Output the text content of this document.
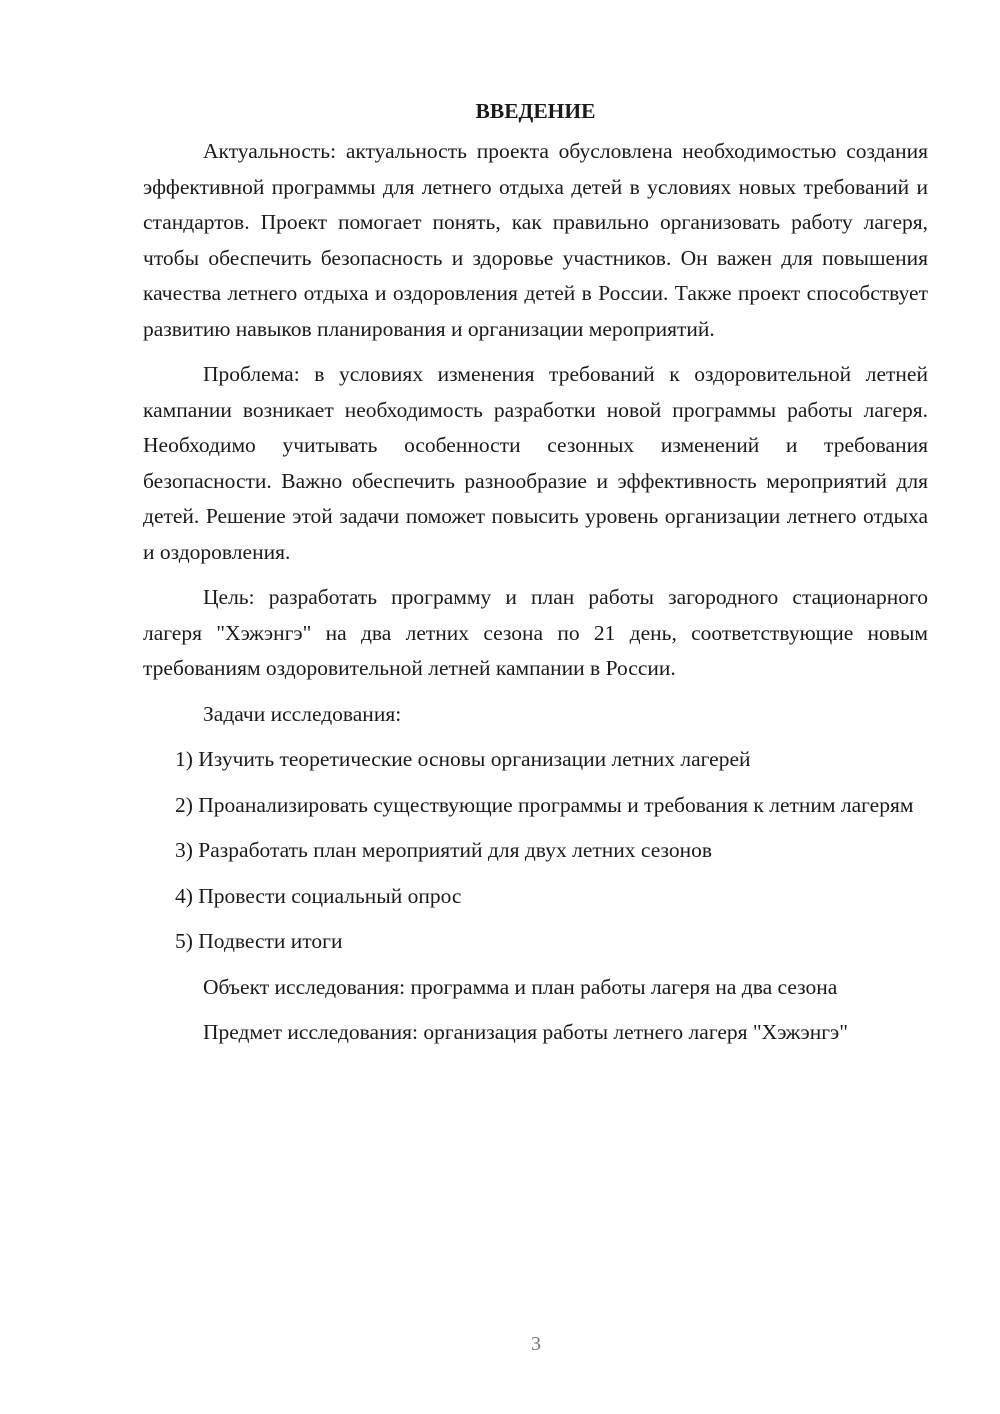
ВВЕДЕНИЕ

Актуальность: актуальность проекта обусловлена необходимостью создания эффективной программы для летнего отдыха детей в условиях новых требований и стандартов. Проект помогает понять, как правильно организовать работу лагеря, чтобы обеспечить безопасность и здоровье участников. Он важен для повышения качества летнего отдыха и оздоровления детей в России. Также проект способствует развитию навыков планирования и организации мероприятий.

Проблема: в условиях изменения требований к оздоровительной летней кампании возникает необходимость разработки новой программы работы лагеря. Необходимо учитывать особенности сезонных изменений и требования безопасности. Важно обеспечить разнообразие и эффективность мероприятий для детей. Решение этой задачи поможет повысить уровень организации летнего отдыха и оздоровления.

Цель: разработать программу и план работы загородного стационарного лагеря "Хэжэнгэ" на два летних сезона по 21 день, соответствующие новым требованиям оздоровительной летней кампании в России.

Задачи исследования:

1) Изучить теоретические основы организации летних лагерей

2) Проанализировать существующие программы и требования к летним лагерям

3) Разработать план мероприятий для двух летних сезонов

4) Провести социальный опрос

5) Подвести итоги

Объект исследования: программа и план работы лагеря на два сезона

Предмет исследования: организация работы летнего лагеря "Хэжэнгэ"

3
